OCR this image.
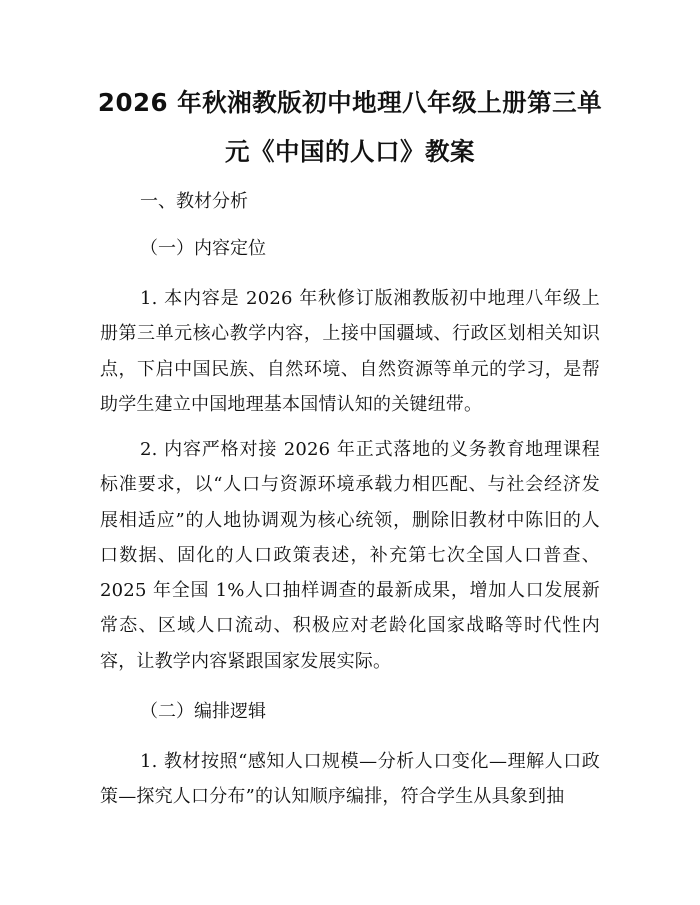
2026 年秋湘教版初中地理八年级上册第三单元《中国的人口》教案

一、教材分析

（一）内容定位

1. 本内容是 2026 年秋修订版湘教版初中地理八年级上册第三单元核心教学内容，上接中国疆域、行政区划相关知识点，下启中国民族、自然环境、自然资源等单元的学习，是帮助学生建立中国地理基本国情认知的关键纽带。

2. 内容严格对接 2026 年正式落地的义务教育地理课程标准要求，以“人口与资源环境承载力相匹配、与社会经济发展相适应”的人地协调观为核心统领，删除旧教材中陈旧的人口数据、固化的人口政策表述，补充第七次全国人口普查、2025 年全国 1%人口抽样调查的最新成果，增加人口发展新常态、区域人口流动、积极应对老龄化国家战略等时代性内容，让教学内容紧跟国家发展实际。

（二）编排逻辑

1. 教材按照“感知人口规模—分析人口变化—理解人口政策—探究人口分布”的认知顺序编排，符合学生从具象到抽
